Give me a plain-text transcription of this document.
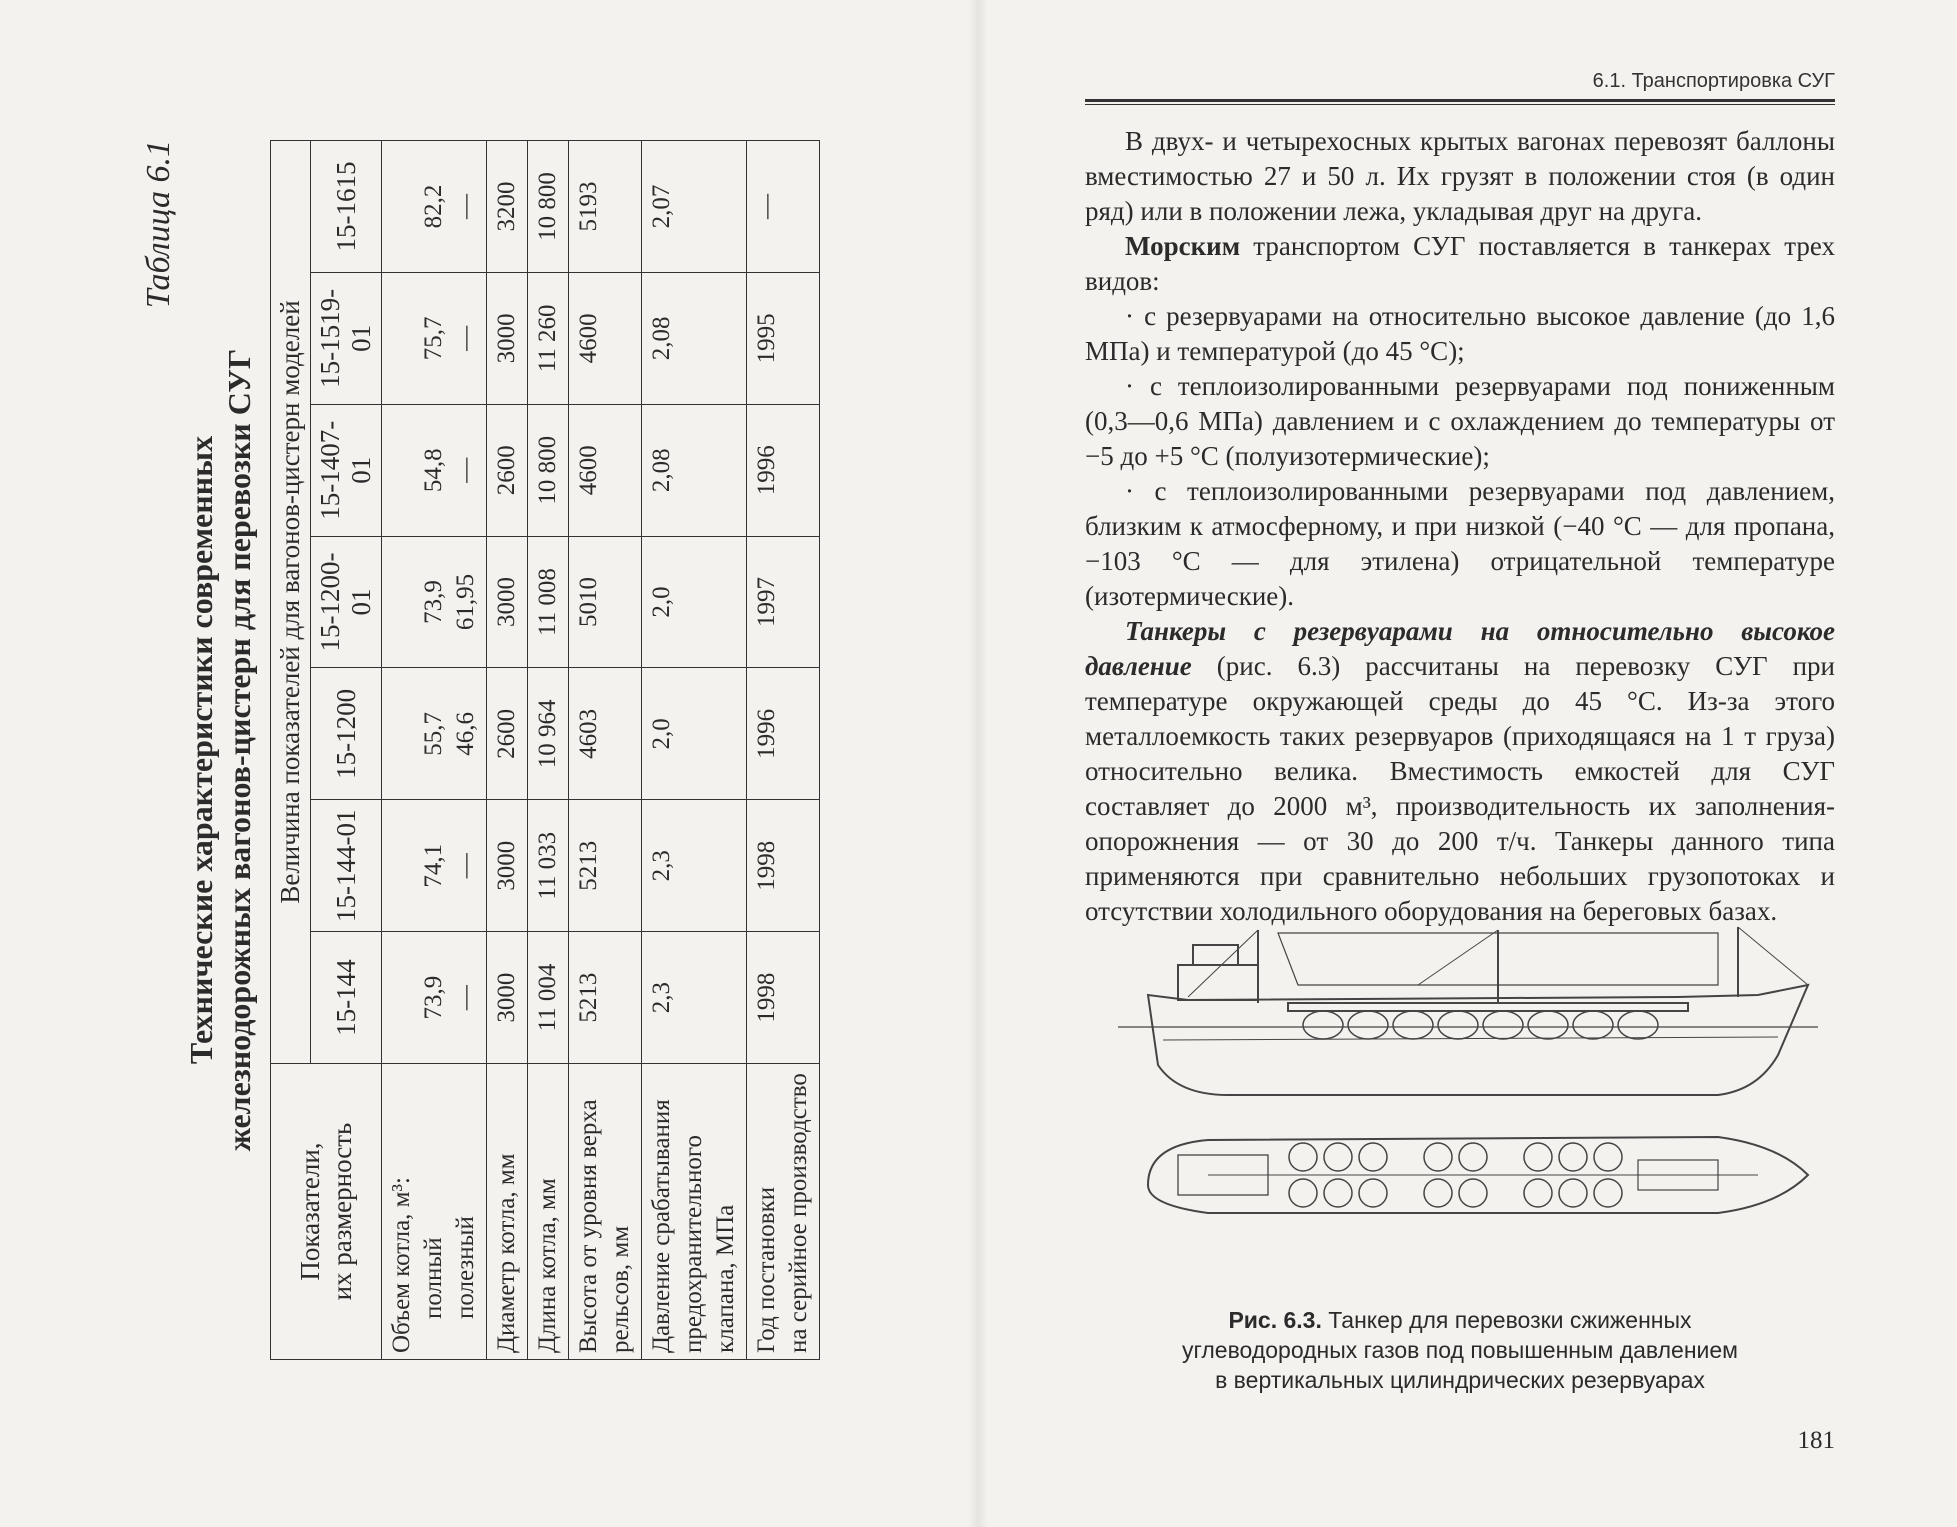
Таблица 6.1
Технические характеристики современных железнодорожных вагонов-цистерн для перевозки СУГ
Показатели, их размерность	Величина показателей для вагонов-цистерн моделей						
	15-144	15-144-01	15-1200	15-1200-01	15-1407-01	15-1519-01	15-1615

Объем котла, м³: полный полезный	73,9 —	74,1 —	55,7 46,6	73,9 61,95	54,8 —	75,7 —	82,2 —

Диаметр котла, мм	3000	3000	2600	3000	2600	3000	3200

Длина котла, мм	11 004	11 033	10 964	11 008	10 800	11 260	10 800

Высота от уровня верха рельсов, мм	5213	5213	4603	5010	4600	4600	5193

Давление срабатывания предохранительного клапана, МПа	2,3	2,3	2,0	2,0	2,08	2,08	2,07

Год постановки на серийное производство	1998	1998	1996	1997	1996	1995	—
6.1. Транспортировка СУГ

В двух- и четырехосных крытых вагонах перевозят баллоны вместимостью 27 и 50 л. Их грузят в положении стоя (в один ряд) или в положении лежа, укладывая друг на друга.

Морским транспортом СУГ поставляется в танкерах трех видов:

· с резервуарами на относительно высокое давление (до 1,6 МПа) и температурой (до 45 °С);

· с теплоизолированными резервуарами под пониженным (0,3—0,6 МПа) давлением и с охлаждением до температуры от −5 до +5 °С (полуизотермические);

· с теплоизолированными резервуарами под давлением, близким к атмосферному, и при низкой (−40 °С — для пропана, −103 °С — для этилена) отрицательной температуре (изотермические).

Танкеры с резервуарами на относительно высокое давление (рис. 6.3) рассчитаны на перевозку СУГ при температуре окружающей среды до 45 °С. Из-за этого металлоемкость таких резервуаров (приходящаяся на 1 т груза) относительно велика. Вместимость емкостей для СУГ составляет до 2000 м³, производительность их заполнения-опорожнения — от 30 до 200 т/ч. Танкеры данного типа применяются при сравнительно небольших грузопотоках и отсутствии холодильного оборудования на береговых базах.

Рис. 6.3. Танкер для перевозки сжиженных
углеводородных газов под повышенным давлением
в вертикальных цилиндрических резервуарах
181
